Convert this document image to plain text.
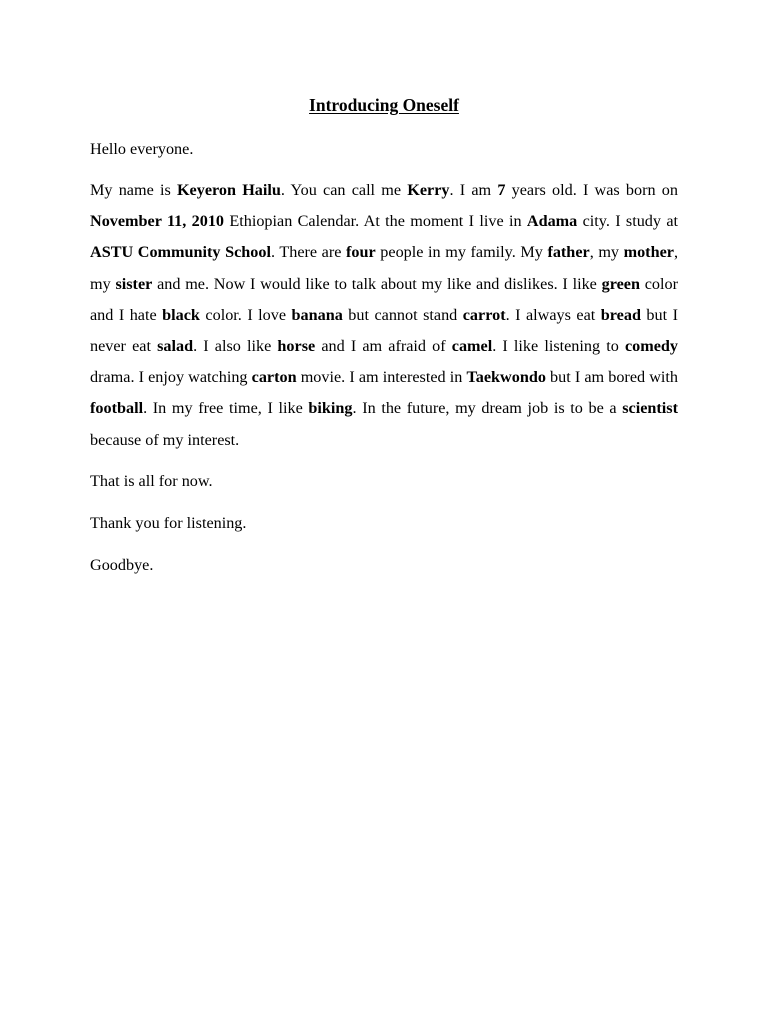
Introducing Oneself

Hello everyone.

My name is Keyeron Hailu. You can call me Kerry. I am 7 years old. I was born on November 11, 2010 Ethiopian Calendar. At the moment I live in Adama city. I study at ASTU Community School. There are four people in my family. My father, my mother, my sister and me. Now I would like to talk about my like and dislikes. I like green color and I hate black color. I love banana but cannot stand carrot. I always eat bread but I never eat salad. I also like horse and I am afraid of camel. I like listening to comedy drama. I enjoy watching carton movie. I am interested in Taekwondo but I am bored with football. In my free time, I like biking. In the future, my dream job is to be a scientist because of my interest.

That is all for now.

Thank you for listening.

Goodbye.
